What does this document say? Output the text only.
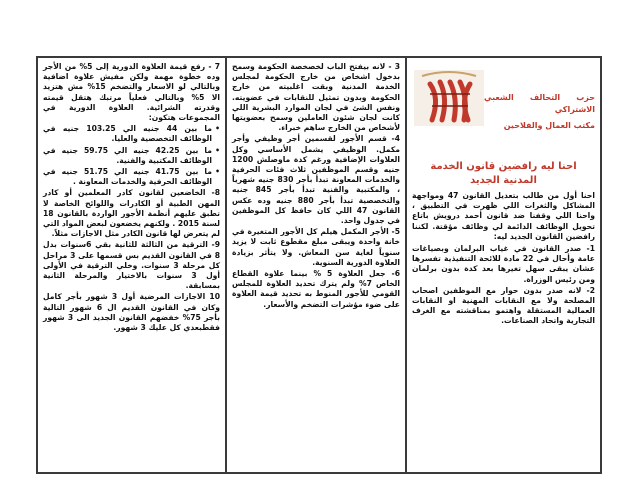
حزب التحالف الشعبي الاشتراكي
مكتب العمال والفلاحين
احنا ليه رافضين قانون الخدمة المدنية الجديد

احنا أول من طالب بتعديل القانون 47 ومواجهة المشاكل والثغرات اللي ظهرت في التطبيق ، واحنا اللي وقفنا ضد قانون أحمد درويش باتاع تحويل الوظائف الدائمة لي وظائف مؤقتة. لكننا رافضين القانون الجديد ليه:

1- صدر القانون في غياب البرلمان وبصياغات عامة وأحال في 22 مادة للائحة التنفيذية تفسرها عشان يبقى سهل تغيرها بعد كدة بدون برلمان ومن رئيس الوزراة.

2- لانه صدر بدون حوار مع الموظفين اصحاب المصلحة ولا مع النقابات المهنية او النقابات العمالية المستقلة واهتمو بمناقشته مع الغرف التجارية واتحاد الصناعات.

3 - لانه بيفتح الباب لخصخصة الحكومة وسمح بدخول اشخاص من خارج الحكومة لمجلس الخدمة المدنية وبقت اغلبيته من خارج الحكومة وبدون تمثيل للنقابات في عضويته. ونفس الشئ في لجان الموارد البشرية اللي كانت لجان شئون العاملين وسمح بعضويتها لأشخاص من الخارج ساهم خبراء.

4- قسم الأجور لقسمين أجر وظيفي وأجر مكمل. الوظيفي يشمل الأساسي وكل العلاوات الإضافية ورغم كدة ماوصلش 1200 جنيه وقسم الموظفين ثلاث فئات الحرفية والخدمات المعاونة تبدأ بأجر 830 جنيه شهرياً ، والمكتبية والفنية تبدأ بأجر 845 جنيه والتخصصية تبدأ بأجر 880 جنيه وده عكس القانون 47 اللي كان حافظ كل الموظفين في جدول واحد.

5- الأجر المكمل هيلم كل الأجور المتغيرة في خانة واحدة ويبقى مبلغ مقطوع ثابت لا يزيد سنوياً لغاية سن المعاش. ولا يتأثر بزيادة العلاوة الدورية السنوية.

6- جعل العلاوة 5 % بينما علاوة القطاع الخاص 7% ولم يترك تحديد العلاوة للمجلس القومي للأجور المنوط به تحديد قيمة العلاوة على ضوء مؤشرات التضخم والأسعار.

7 - رفع قيمة العلاوة الدورية إلى 5% من الأجر وده خطوة مهمة ولكن مفيش علاوة اضافية وبالتالي لو الاسعار والتضخم 15% مش هتزيد الا 5% وبالتالي فعلياً مرتبك هتقل قيمته وقدرته الشرائية. العلاوة الدورية في المجموعات هتكون:

• ما بين 44 جنيه الي 103.25 جنيه في الوظائف التخصصية والعليا.
• ما بين 42.25 جنيه الي 59.75 جنيه في الوظائف المكتبية والفنية.
• ما بين 41.75 جنيه الي 51.75 جنيه في الوظائف الحرفية والخدمات المعاونة .

8- الخاضعين لقانون كادر المعلمين أو كادر المهن الطبية أو الكادرات واللوائح الخاصة لا تطبق عليهم أنظمة الأجور الواردة بالقانون 18 لسنة 2015 . ولكنهم يخضعون لبعض المواد التي لم يتعرض لها قانون الكادر مثل الاجازات مثلاً.

9- الترقية من الثالثة للثانية بقي 6سنوات بدل 8 في القانون القديم بس قسمها على 3 مراحل كل مرحلة 3 سنوات. وخلي الترقية في الأولى أول 3 سنوات بالاختيار والمرحلة الثانية بمسابقة.

10 الاجازات المرضية أول 3 شهور بأجر كامل وكان في القانون القديم ال 6 شهور التالية بأجر 75% خفضهم القانون الجديد الى 3 شهور فقطبعدي كل عليك 3 شهور.
